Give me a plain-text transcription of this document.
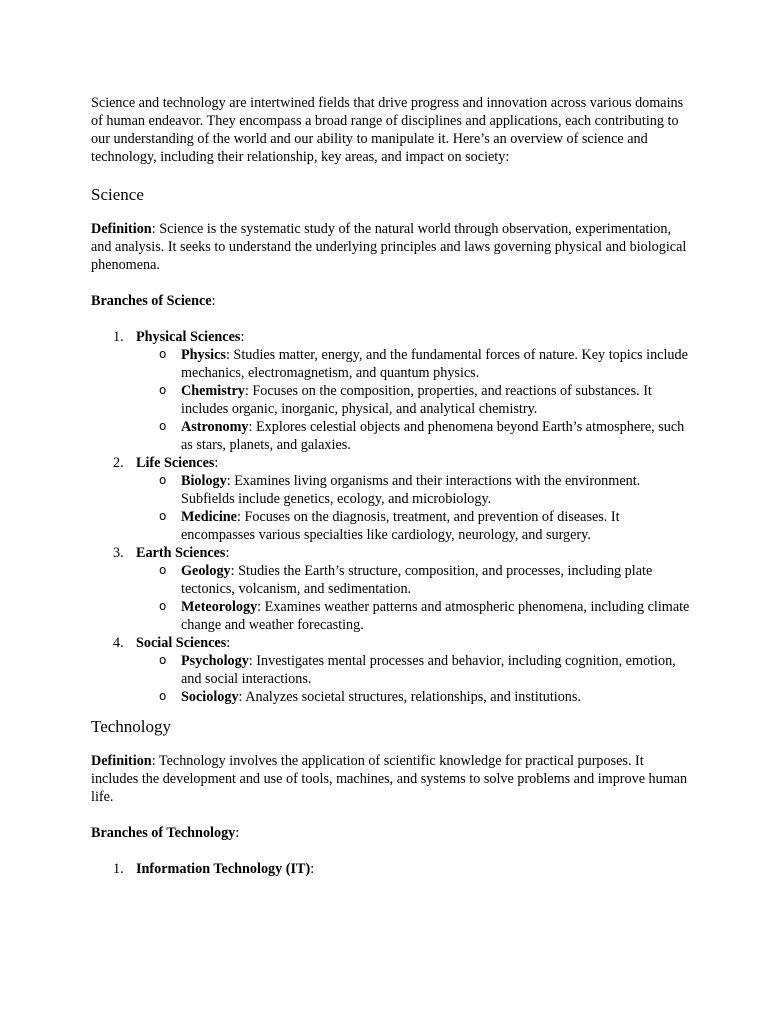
Science and technology are intertwined fields that drive progress and innovation across various domains of human endeavor. They encompass a broad range of disciplines and applications, each contributing to our understanding of the world and our ability to manipulate it. Here’s an overview of science and technology, including their relationship, key areas, and impact on society:

Science

Definition: Science is the systematic study of the natural world through observation, experimentation, and analysis. It seeks to understand the underlying principles and laws governing physical and biological phenomena.

Branches of Science:

1. Physical Sciences:
o Physics: Studies matter, energy, and the fundamental forces of nature. Key topics include mechanics, electromagnetism, and quantum physics.
o Chemistry: Focuses on the composition, properties, and reactions of substances. It includes organic, inorganic, physical, and analytical chemistry.
o Astronomy: Explores celestial objects and phenomena beyond Earth’s atmosphere, such as stars, planets, and galaxies.
2. Life Sciences:
o Biology: Examines living organisms and their interactions with the environment. Subfields include genetics, ecology, and microbiology.
o Medicine: Focuses on the diagnosis, treatment, and prevention of diseases. It encompasses various specialties like cardiology, neurology, and surgery.
3. Earth Sciences:
o Geology: Studies the Earth’s structure, composition, and processes, including plate tectonics, volcanism, and sedimentation.
o Meteorology: Examines weather patterns and atmospheric phenomena, including climate change and weather forecasting.
4. Social Sciences:
o Psychology: Investigates mental processes and behavior, including cognition, emotion, and social interactions.
o Sociology: Analyzes societal structures, relationships, and institutions.
Technology

Definition: Technology involves the application of scientific knowledge for practical purposes. It includes the development and use of tools, machines, and systems to solve problems and improve human life.

Branches of Technology:

1. Information Technology (IT):
